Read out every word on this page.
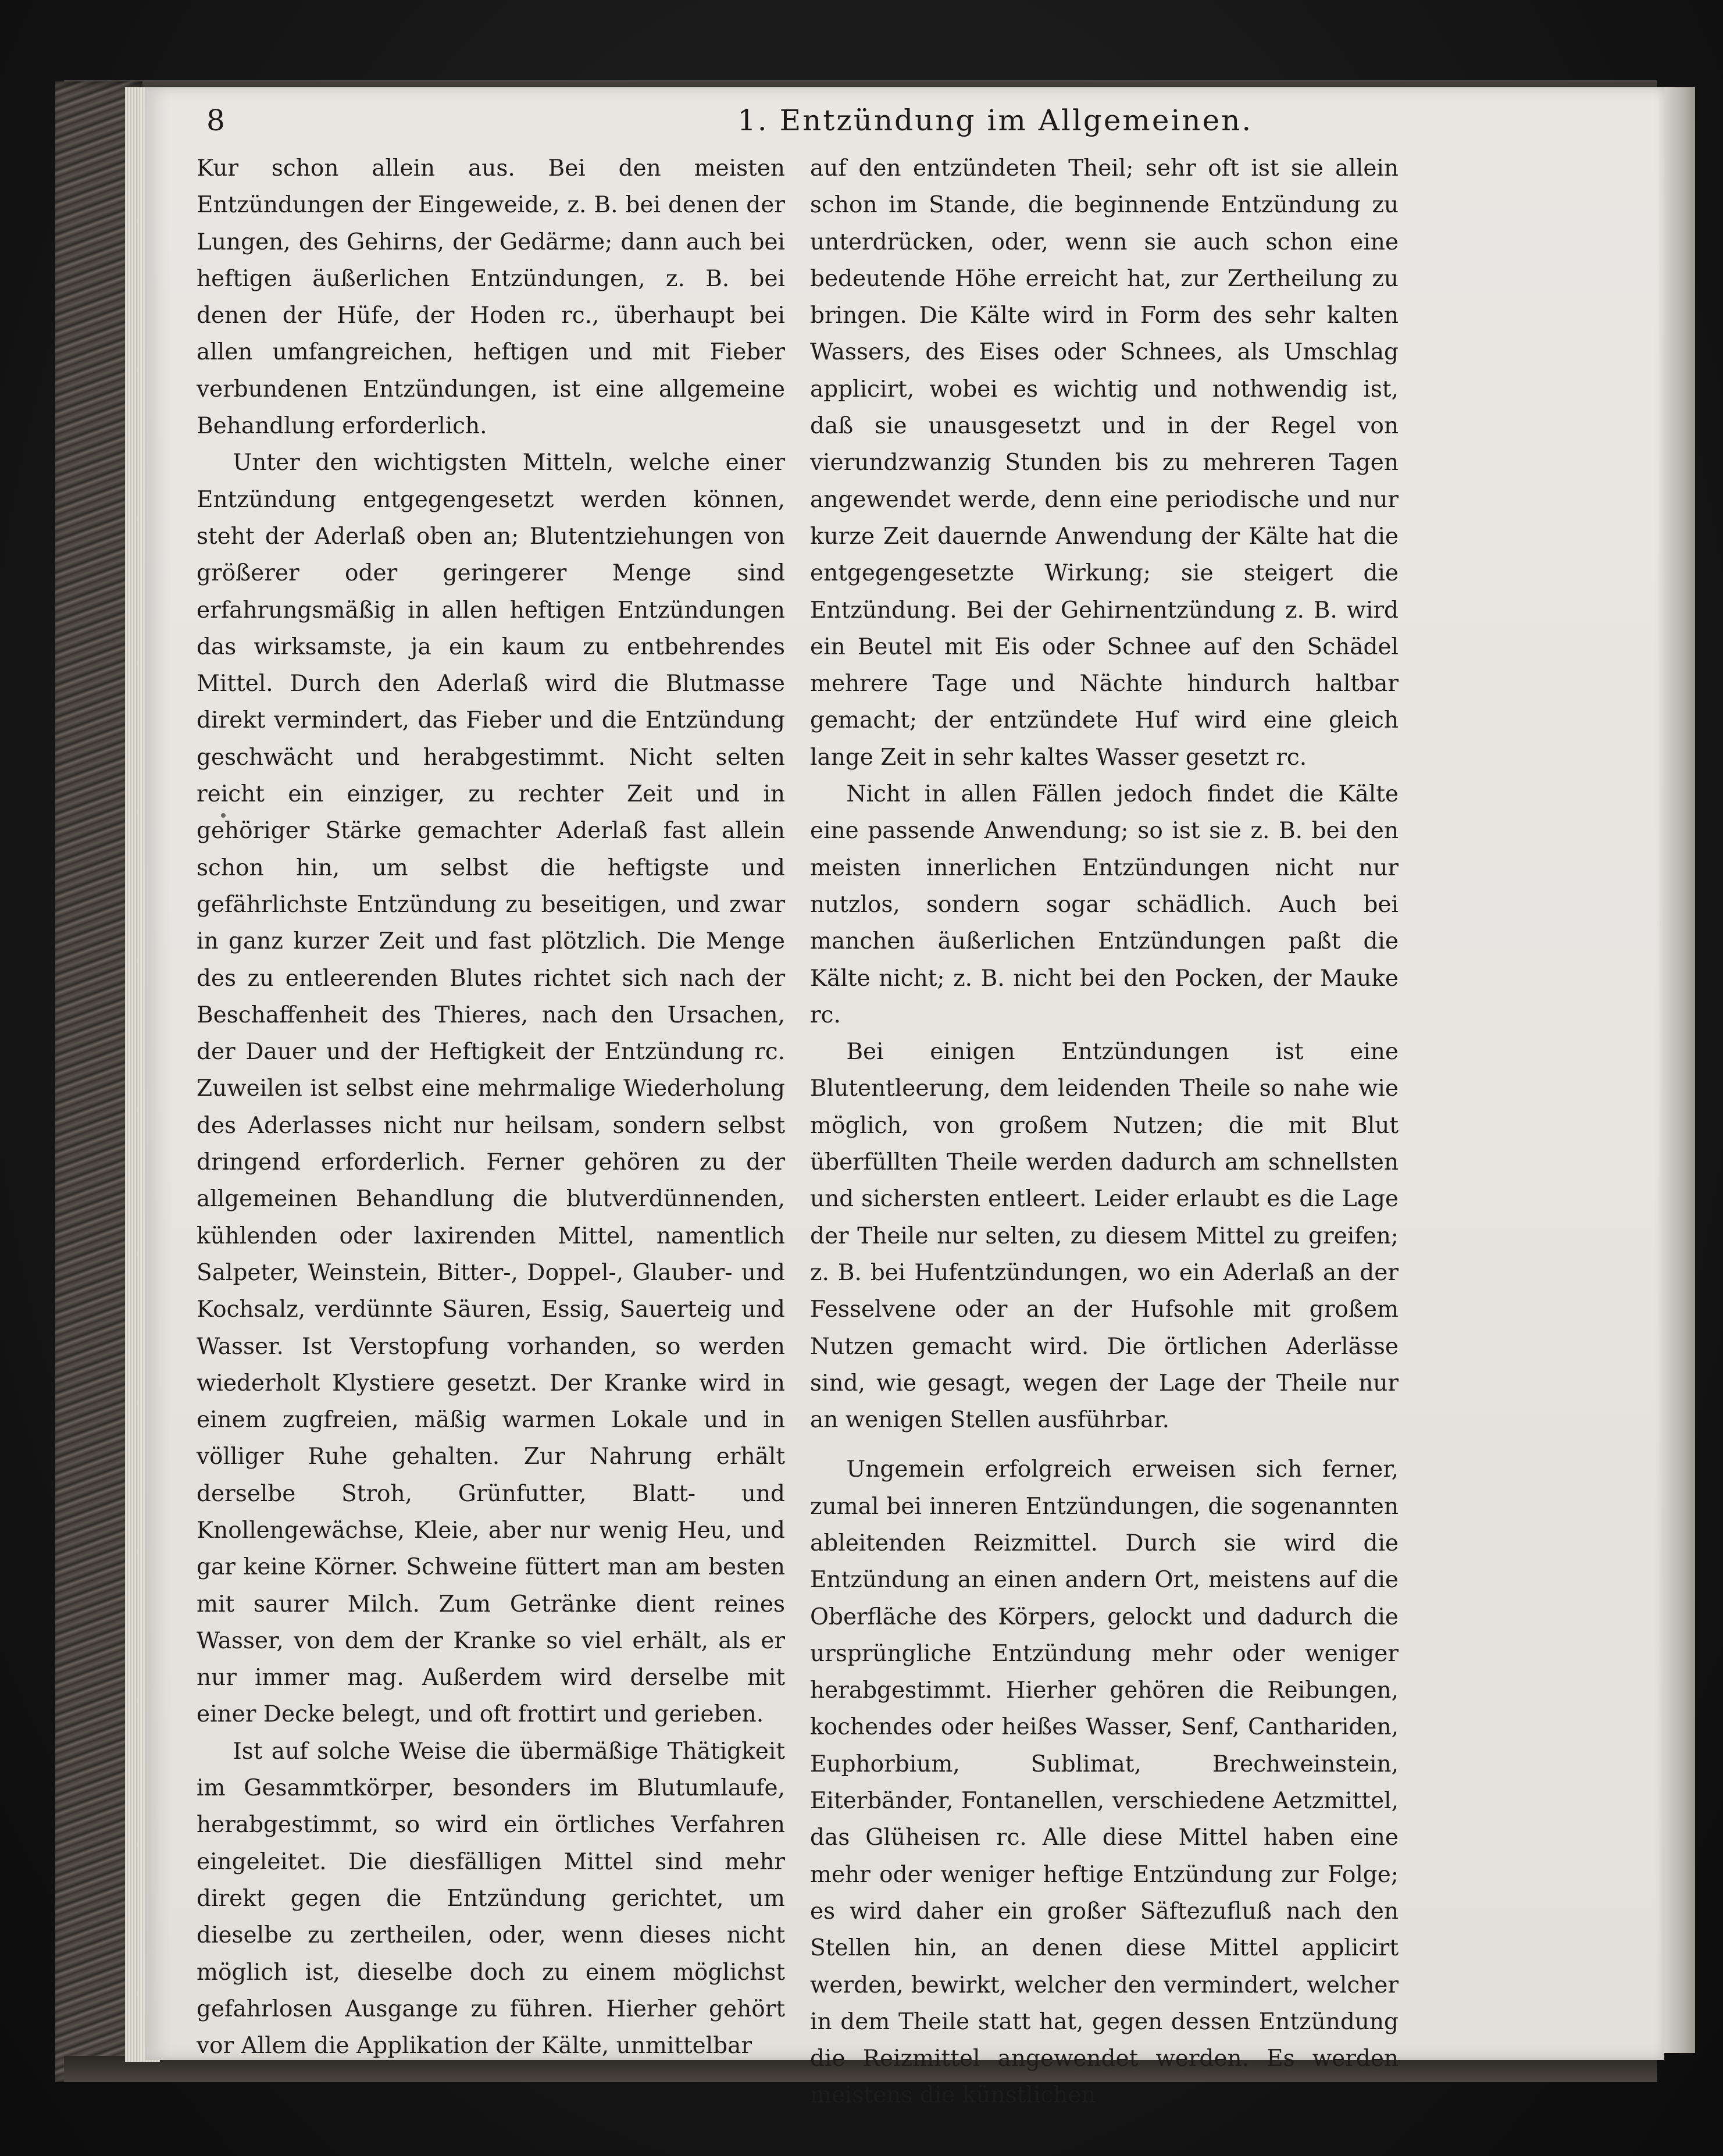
8	1. Entzündung im Allgemeinen.

Kur schon allein aus. Bei den meisten Entzündungen der Eingeweide, z. B. bei denen der Lungen, des Gehirns, der Gedärme; dann auch bei heftigen äußerlichen Entzündungen, z. B. bei denen der Hüfe, der Hoden rc., überhaupt bei allen umfangreichen, heftigen und mit Fieber verbundenen Entzündungen, ist eine allgemeine Behandlung erforderlich.

Unter den wichtigsten Mitteln, welche einer Entzündung entgegengesetzt werden können, steht der Aderlaß oben an; Blutentziehungen von größerer oder geringerer Menge sind erfahrungsmäßig in allen heftigen Entzündungen das wirksamste, ja ein kaum zu entbehrendes Mittel. Durch den Aderlaß wird die Blutmasse direkt vermindert, das Fieber und die Entzündung geschwächt und herabgestimmt. Nicht selten reicht ein einziger, zu rechter Zeit und in gehöriger Stärke gemachter Aderlaß fast allein schon hin, um selbst die heftigste und gefährlichste Entzündung zu beseitigen, und zwar in ganz kurzer Zeit und fast plötzlich. Die Menge des zu entleerenden Blutes richtet sich nach der Beschaffenheit des Thieres, nach den Ursachen, der Dauer und der Heftigkeit der Entzündung rc. Zuweilen ist selbst eine mehrmalige Wiederholung des Aderlasses nicht nur heilsam, sondern selbst dringend erforderlich. Ferner gehören zu der allgemeinen Behandlung die blutverdünnenden, kühlenden oder laxirenden Mittel, namentlich Salpeter, Weinstein, Bitter-, Doppel-, Glauber- und Kochsalz, verdünnte Säuren, Essig, Sauerteig und Wasser. Ist Verstopfung vorhanden, so werden wiederholt Klystiere gesetzt. Der Kranke wird in einem zugfreien, mäßig warmen Lokale und in völliger Ruhe gehalten. Zur Nahrung erhält derselbe Stroh, Grünfutter, Blatt- und Knollengewächse, Kleie, aber nur wenig Heu, und gar keine Körner. Schweine füttert man am besten mit saurer Milch. Zum Getränke dient reines Wasser, von dem der Kranke so viel erhält, als er nur immer mag. Außerdem wird derselbe mit einer Decke belegt, und oft frottirt und gerieben.

Ist auf solche Weise die übermäßige Thätigkeit im Gesammtkörper, besonders im Blutumlaufe, herabgestimmt, so wird ein örtliches Verfahren eingeleitet. Die diesfälligen Mittel sind mehr direkt gegen die Entzündung gerichtet, um dieselbe zu zertheilen, oder, wenn dieses nicht möglich ist, dieselbe doch zu einem möglichst gefahrlosen Ausgange zu führen. Hierher gehört vor Allem die Applikation der Kälte, unmittelbar

auf den entzündeten Theil; sehr oft ist sie allein schon im Stande, die beginnende Entzündung zu unterdrücken, oder, wenn sie auch schon eine bedeutende Höhe erreicht hat, zur Zertheilung zu bringen. Die Kälte wird in Form des sehr kalten Wassers, des Eises oder Schnees, als Umschlag applicirt, wobei es wichtig und nothwendig ist, daß sie unausgesetzt und in der Regel von vierundzwanzig Stunden bis zu mehreren Tagen angewendet werde, denn eine periodische und nur kurze Zeit dauernde Anwendung der Kälte hat die entgegengesetzte Wirkung; sie steigert die Entzündung. Bei der Gehirnentzündung z. B. wird ein Beutel mit Eis oder Schnee auf den Schädel mehrere Tage und Nächte hindurch haltbar gemacht; der entzündete Huf wird eine gleich lange Zeit in sehr kaltes Wasser gesetzt rc.

Nicht in allen Fällen jedoch findet die Kälte eine passende Anwendung; so ist sie z. B. bei den meisten innerlichen Entzündungen nicht nur nutzlos, sondern sogar schädlich. Auch bei manchen äußerlichen Entzündungen paßt die Kälte nicht; z. B. nicht bei den Pocken, der Mauke rc.

Bei einigen Entzündungen ist eine Blutentleerung, dem leidenden Theile so nahe wie möglich, von großem Nutzen; die mit Blut überfüllten Theile werden dadurch am schnellsten und sichersten entleert. Leider erlaubt es die Lage der Theile nur selten, zu diesem Mittel zu greifen; z. B. bei Hufentzündungen, wo ein Aderlaß an der Fesselvene oder an der Hufsohle mit großem Nutzen gemacht wird. Die örtlichen Aderlässe sind, wie gesagt, wegen der Lage der Theile nur an wenigen Stellen ausführbar.

Ungemein erfolgreich erweisen sich ferner, zumal bei inneren Entzündungen, die sogenannten ableitenden Reizmittel. Durch sie wird die Entzündung an einen andern Ort, meistens auf die Oberfläche des Körpers, gelockt und dadurch die ursprüngliche Entzündung mehr oder weniger herabgestimmt. Hierher gehören die Reibungen, kochendes oder heißes Wasser, Senf, Canthariden, Euphorbium, Sublimat, Brechweinstein, Eiterbänder, Fontanellen, verschiedene Aetzmittel, das Glüheisen rc. Alle diese Mittel haben eine mehr oder weniger heftige Entzündung zur Folge; es wird daher ein großer Säftezufluß nach den Stellen hin, an denen diese Mittel applicirt werden, bewirkt, welcher den vermindert, welcher in dem Theile statt hat, gegen dessen Entzündung die Reizmittel angewendet werden. Es werden meistens die künstlichen
